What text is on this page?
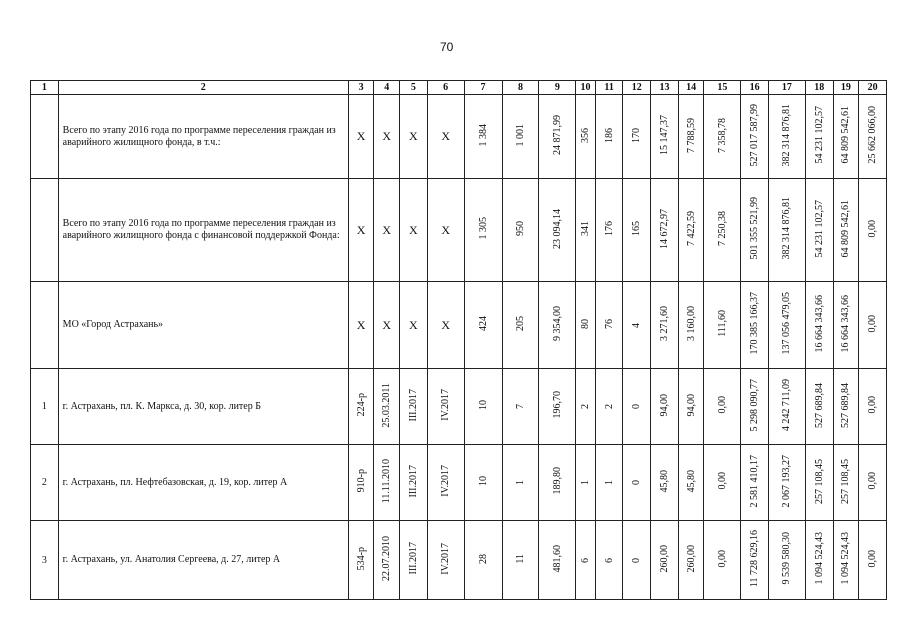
70
1	2	3	4	5	6	7	8	9	10	11	12	13	14	15	16	17	18	19	20
	Всего по этапу 2016 года по программе переселения граждан из аварийного жилищного фонда, в т.ч.:	Х	Х	Х	Х	1 384	1 001	24 871,99	356	186	170	15 147,37	7 788,59	7 358,78	527 017 587,99	382 314 876,81	54 231 102,57	64 809 542,61	25 662 066,00
	Всего по этапу 2016 года по программе переселения граждан из аварийного жилищного фонда с финансовой поддержкой Фонда:	Х	Х	Х	Х	1 305	950	23 094,14	341	176	165	14 672,97	7 422,59	7 250,38	501 355 521,99	382 314 876,81	54 231 102,57	64 809 542,61	0,00
	МО «Город Астрахань»	Х	Х	Х	Х	424	205	9 354,00	80	76	4	3 271,60	3 160,00	111,60	170 385 166,37	137 056 479,05	16 664 343,66	16 664 343,66	0,00
1	г. Астрахань, пл. К. Маркса, д. 30, кор. литер Б	224-р	25.03.2011	III.2017	IV.2017	10	7	196,70	2	2	0	94,00	94,00	0,00	5 298 090,77	4 242 711,09	527 689,84	527 689,84	0,00
2	г. Астрахань, пл. Нефтебазовская, д. 19, кор. литер А	910-р	11.11.2010	III.2017	IV.2017	10	1	189,80	1	1	0	45,80	45,80	0,00	2 581 410,17	2 067 193,27	257 108,45	257 108,45	0,00
3	г. Астрахань, ул. Анатолия Сергеева, д. 27, литер А	534-р	22.07.2010	III.2017	IV.2017	28	11	481,60	6	6	0	260,00	260,00	0,00	11 728 629,16	9 539 580,30	1 094 524,43	1 094 524,43	0,00
